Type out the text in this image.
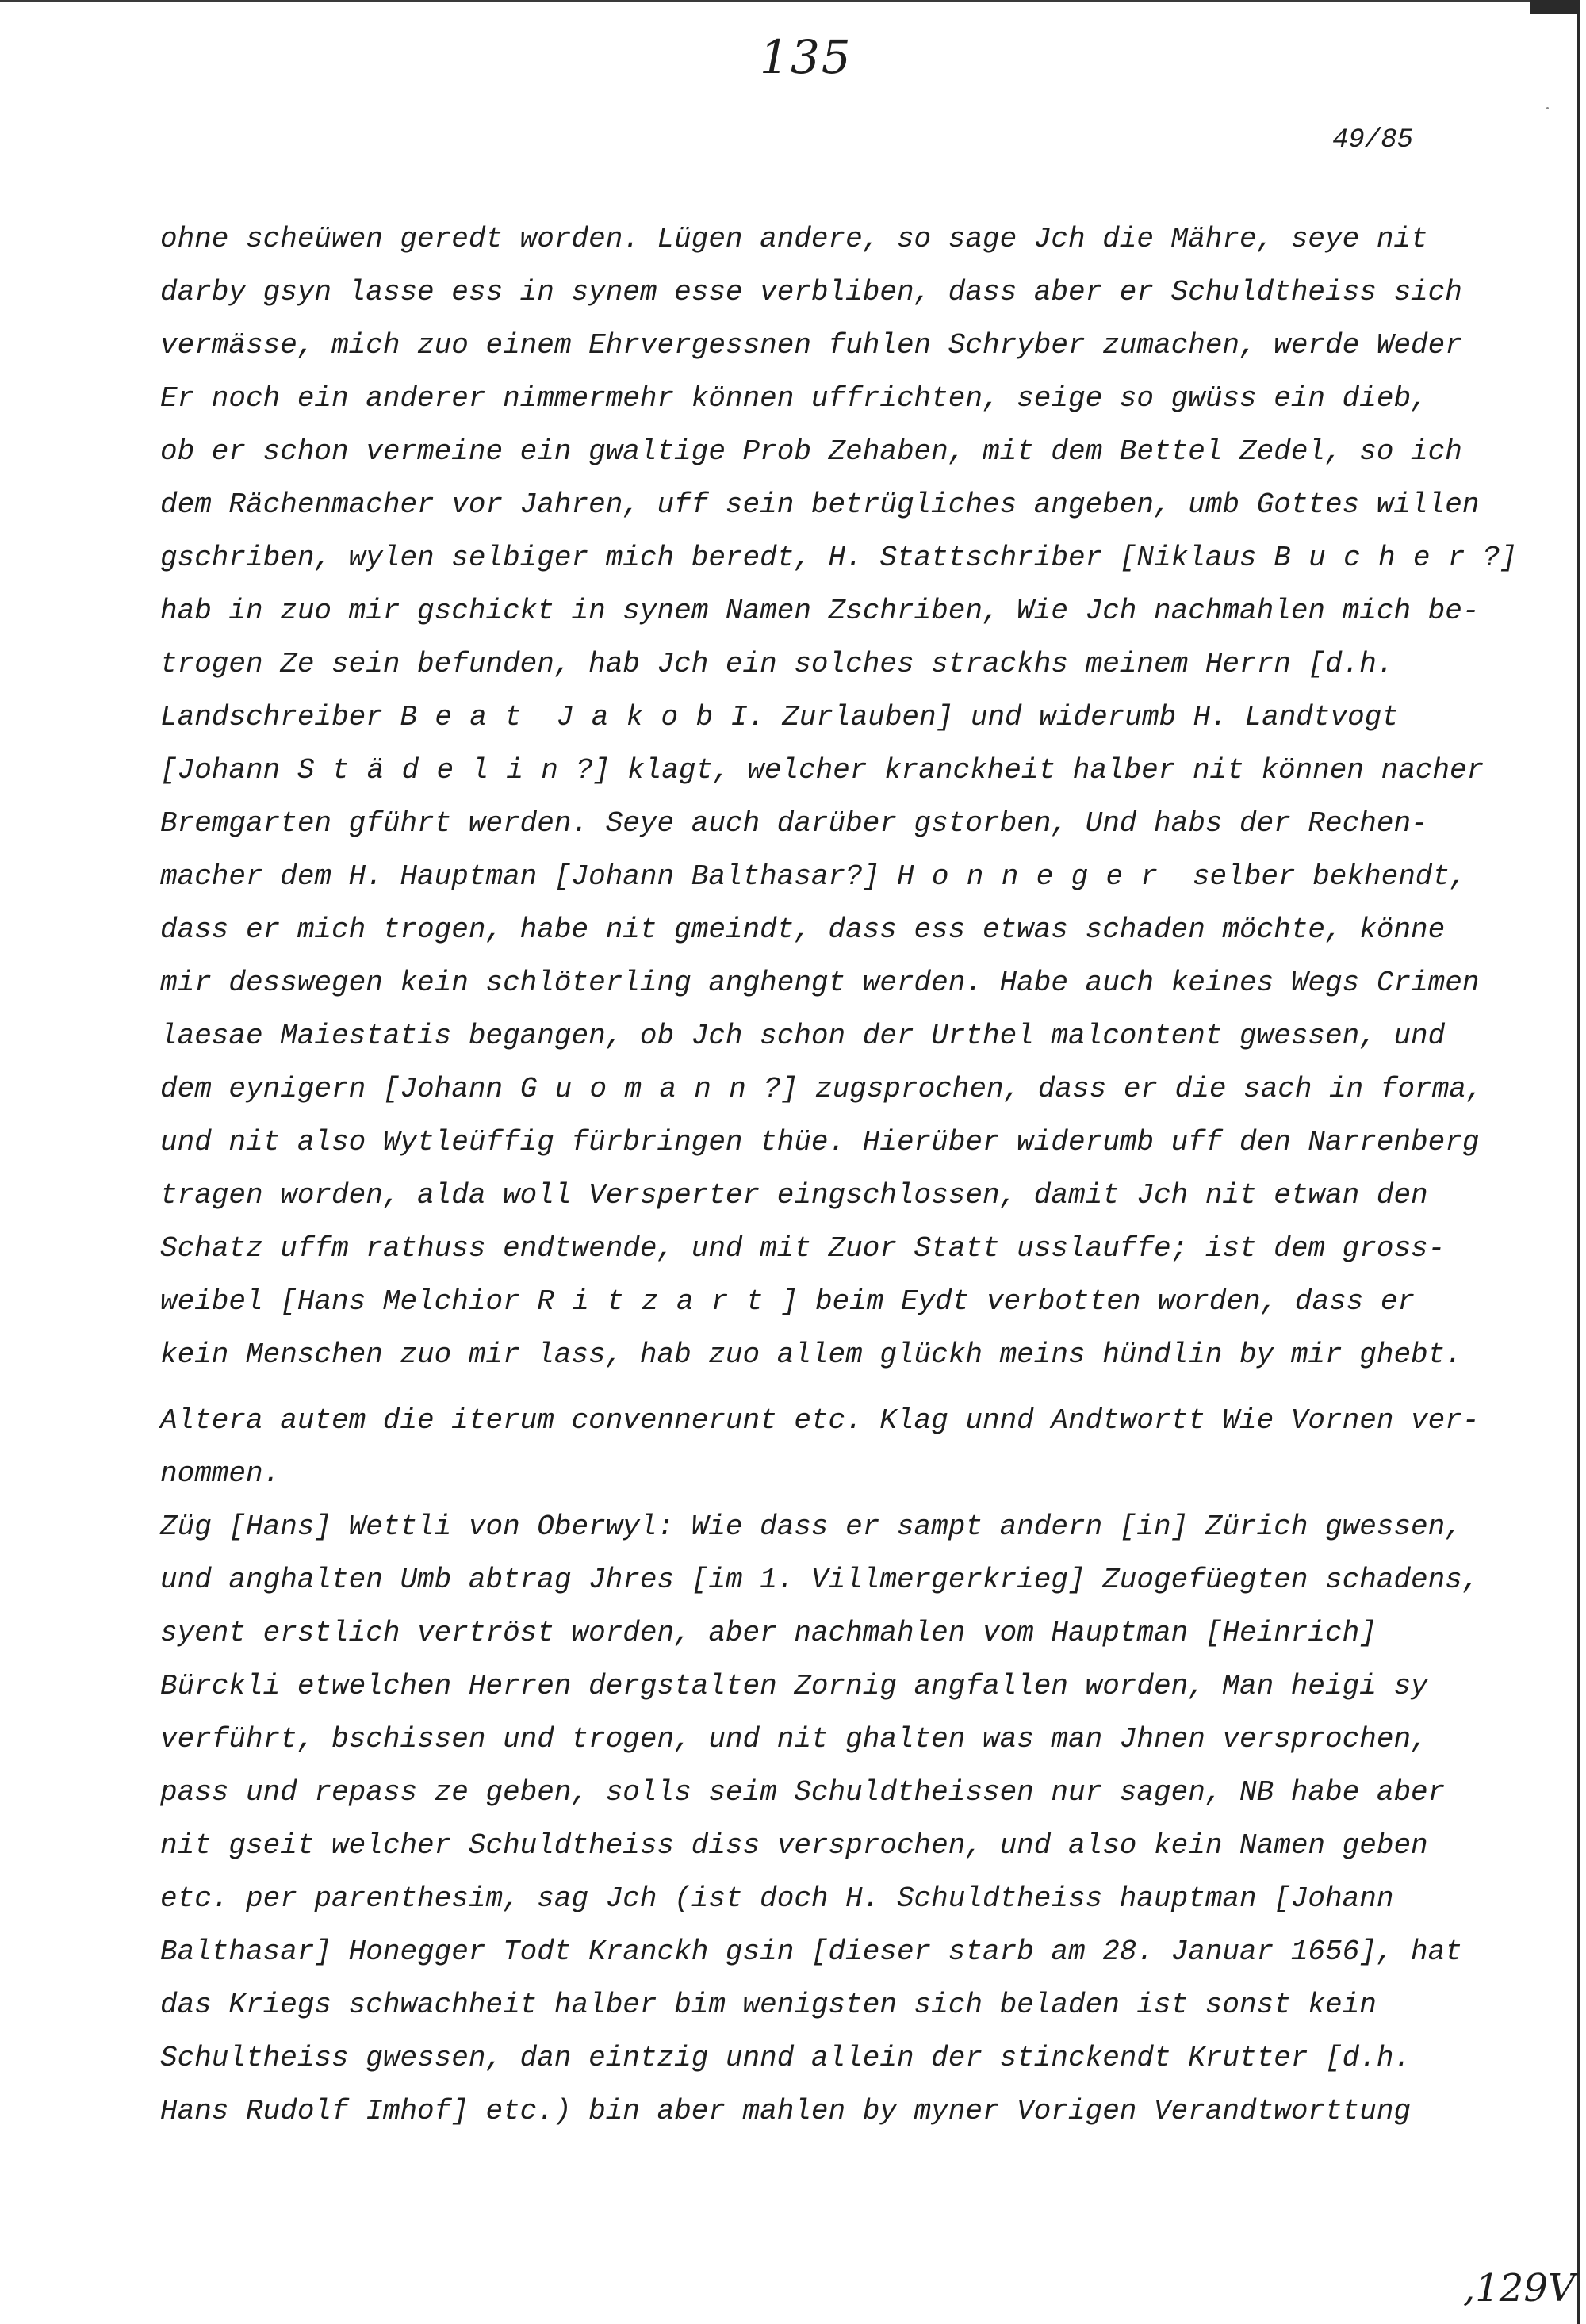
135
49/85
ohne scheüwen geredt worden. Lügen andere, so sage Jch die Mähre, seye nit
darby gsyn lasse ess in synem esse verbliben, dass aber er Schuldtheiss sich
vermässe, mich zuo einem Ehrvergessnen fuhlen Schryber zumachen, werde Weder
Er noch ein anderer nimmermehr können uffrichten, seige so gwüss ein dieb,
ob er schon vermeine ein gwaltige Prob Zehaben, mit dem Bettel Zedel, so ich
dem Rächenmacher vor Jahren, uff sein betrügliches angeben, umb Gottes willen
gschriben, wylen selbiger mich beredt, H. Stattschriber [Niklaus Bucher?]
hab in zuo mir gschickt in synem Namen Zschriben, Wie Jch nachmahlen mich be-
trogen Ze sein befunden, hab Jch ein solches strackhs meinem Herrn [d.h.
Landschreiber Beat JakobI. Zurlauben] und widerumb H. Landtvogt
[Johann Städelin?] klagt, welcher kranckheit halber nit können nacher
Bremgarten gführt werden. Seye auch darüber gstorben, Und habs der Rechen-
macher dem H. Hauptman [Johann Balthasar?] Honneger selber bekhendt,
dass er mich trogen, habe nit gmeindt, dass ess etwas schaden möchte, könne
mir desswegen kein schlöterling anghengt werden. Habe auch keines Wegs Crimen
laesae Maiestatis begangen, ob Jch schon der Urthel malcontent gwessen, und
dem eynigern [Johann Guomann?] zugsprochen, dass er die sach in forma,
und nit also Wytleüffig fürbringen thüe. Hierüber widerumb uff den Narrenberg
tragen worden, alda woll Versperter eingschlossen, damit Jch nit etwan den
Schatz uffm rathuss endtwende, und mit Zuor Statt usslauffe; ist dem gross-
weibel [Hans Melchior Ritzart] beim Eydt verbotten worden, dass er
kein Menschen zuo mir lass, hab zuo allem glückh meins hündlin by mir ghebt.
Altera autem die iterum convennerunt etc. Klag unnd Andtwortt Wie Vornen ver-
nommen.
Züg [Hans] Wettli von Oberwyl: Wie dass er sampt andern [in] Zürich gwessen,
und anghalten Umb abtrag Jhres [im 1. Villmergerkrieg] Zuogefüegten schadens,
syent erstlich vertröst worden, aber nachmahlen vom Hauptman [Heinrich]
Bürckli etwelchen Herren dergstalten Zornig angfallen worden, Man heigi sy
verführt, bschissen und trogen, und nit ghalten was man Jhnen versprochen,
pass und repass ze geben, solls seim Schuldtheissen nur sagen, NB habe aber
nit gseit welcher Schuldtheiss diss versprochen, und also kein Namen geben
etc. per parenthesim, sag Jch (ist doch H. Schuldtheiss hauptman [Johann
Balthasar] Honegger Todt Kranckh gsin [dieser starb am 28. Januar 1656], hat
das Kriegs schwachheit halber bim wenigsten sich beladen ist sonst kein
Schultheiss gwessen, dan eintzig unnd allein der stinckendt Krutter [d.h.
Hans Rudolf Imhof] etc.) bin aber mahlen by myner Vorigen Verandtworttung
,129V
